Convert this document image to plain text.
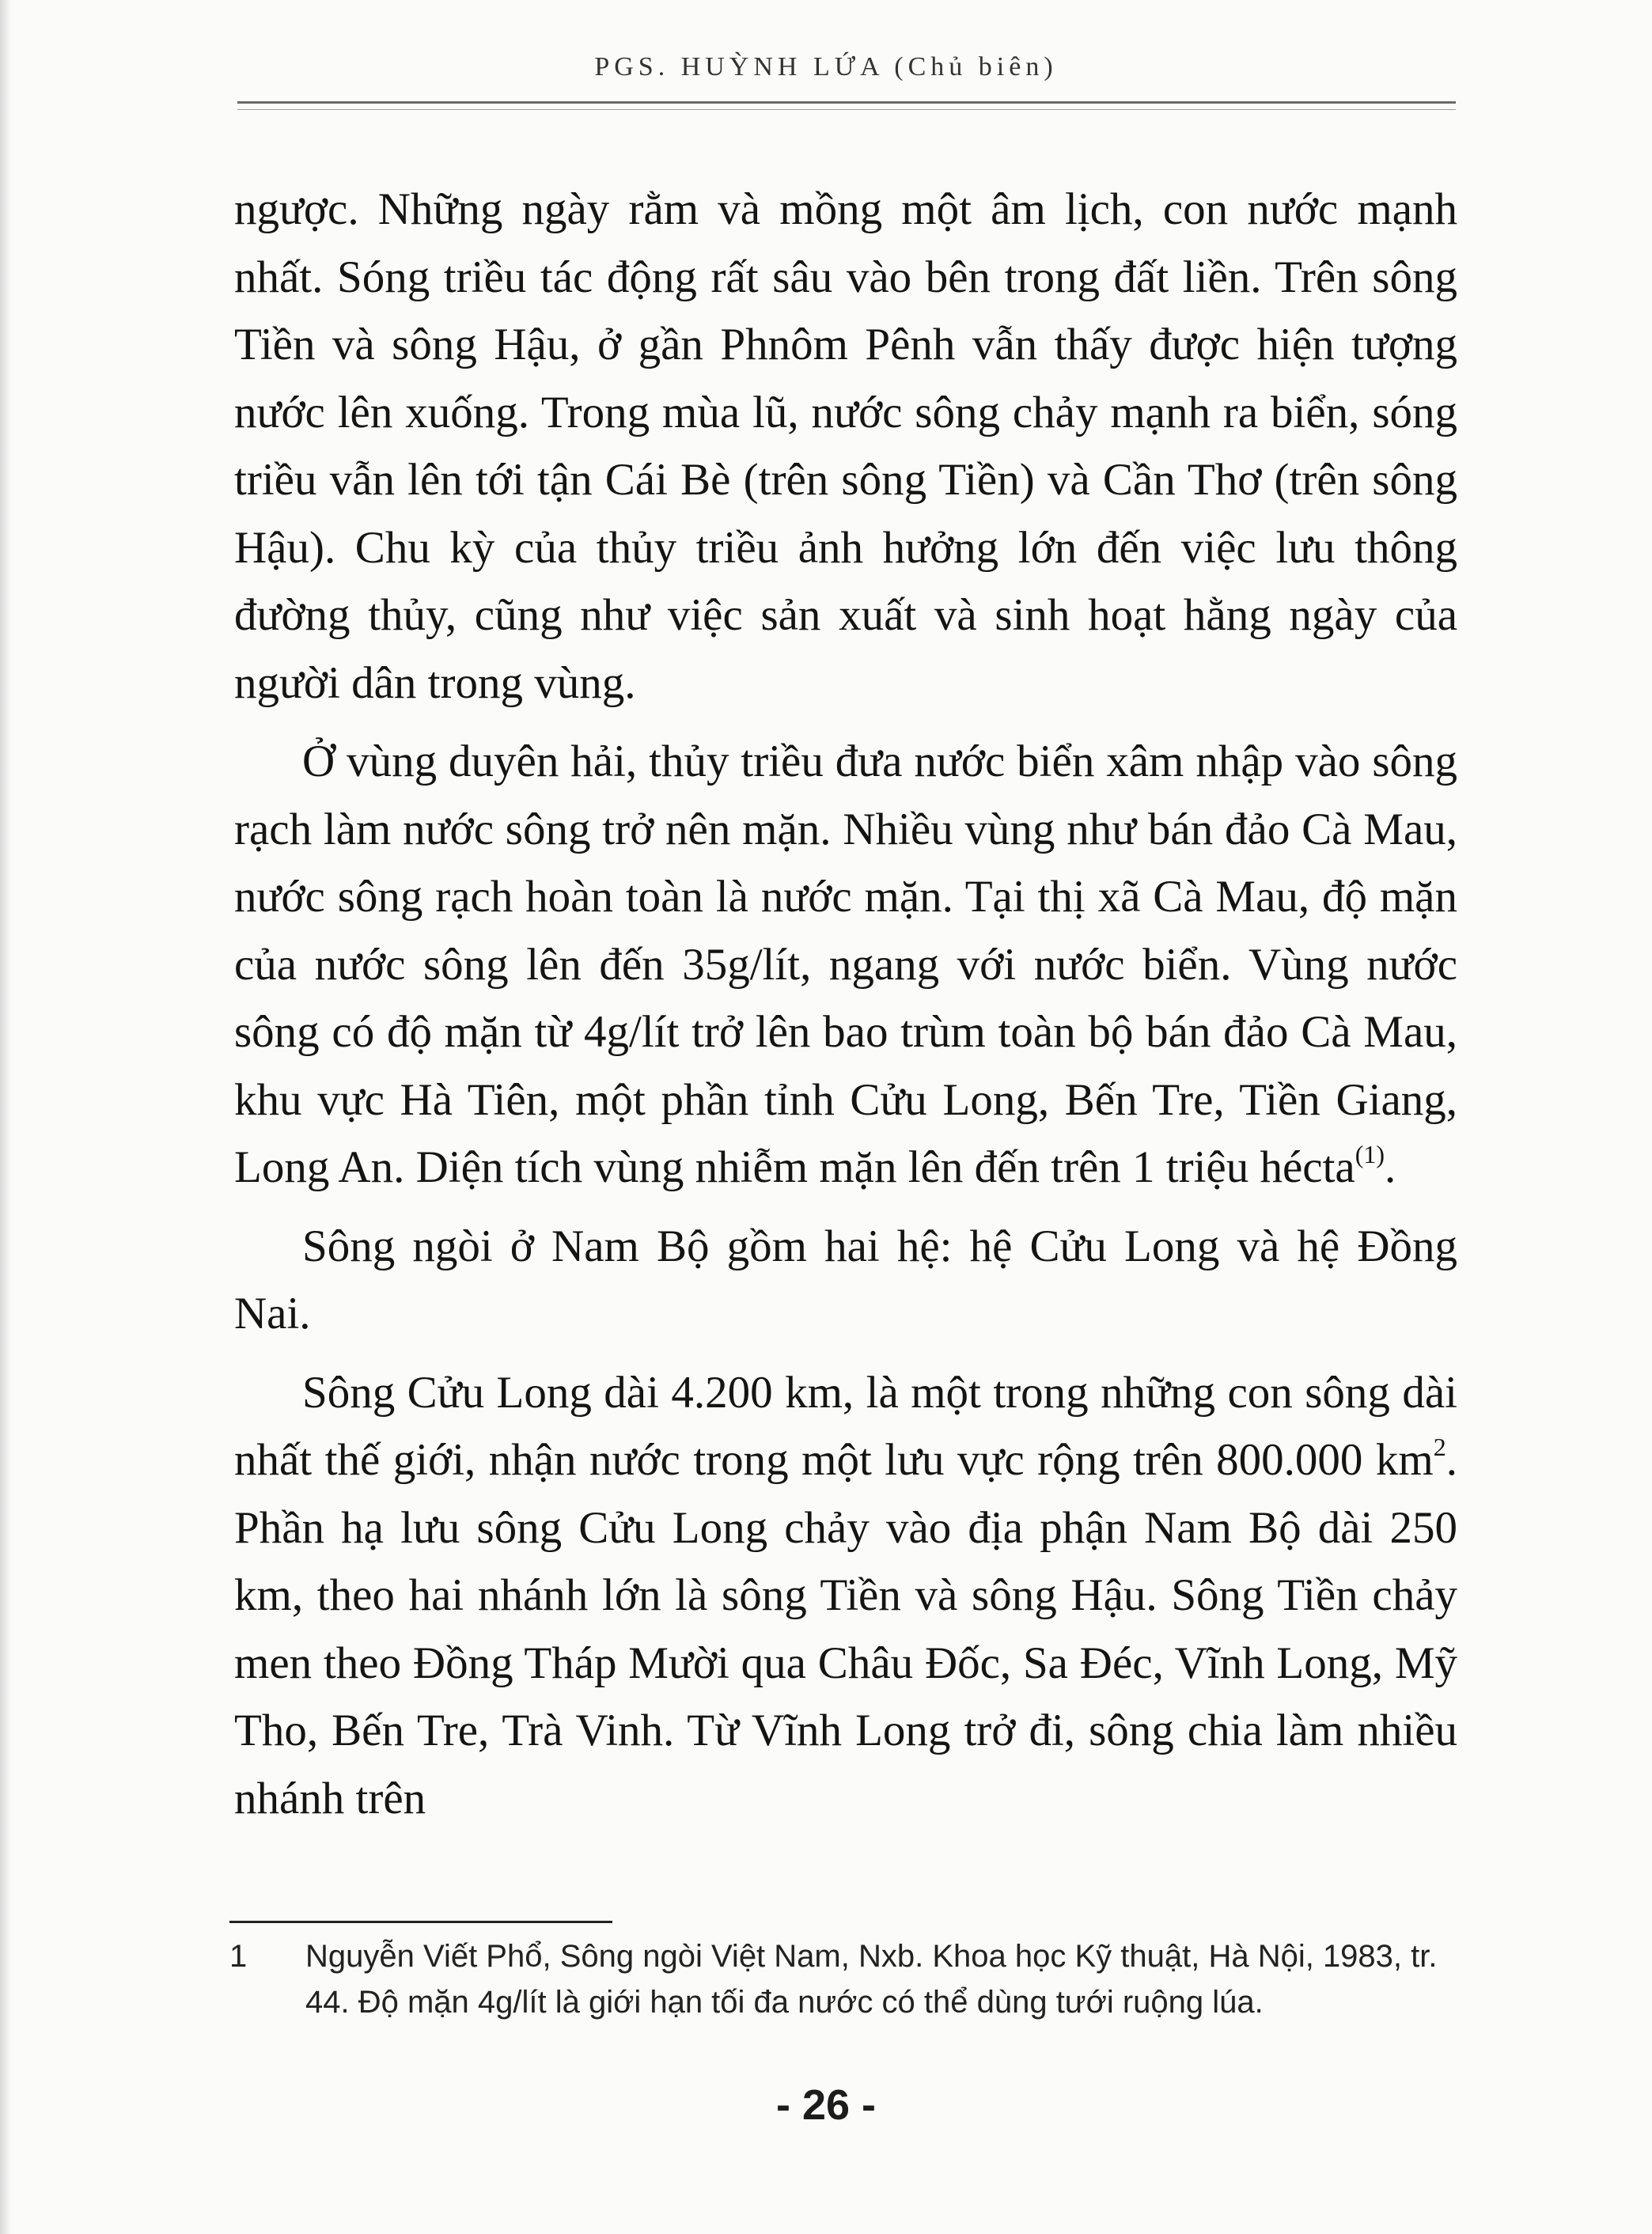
PGS. HUỲNH LỨA (Chủ biên)

ngược. Những ngày rằm và mồng một âm lịch, con nước mạnh nhất. Sóng triều tác động rất sâu vào bên trong đất liền. Trên sông Tiền và sông Hậu, ở gần Phnôm Pênh vẫn thấy được hiện tượng nước lên xuống. Trong mùa lũ, nước sông chảy mạnh ra biển, sóng triều vẫn lên tới tận Cái Bè (trên sông Tiền) và Cần Thơ (trên sông Hậu). Chu kỳ của thủy triều ảnh hưởng lớn đến việc lưu thông đường thủy, cũng như việc sản xuất và sinh hoạt hằng ngày của người dân trong vùng.

Ở vùng duyên hải, thủy triều đưa nước biển xâm nhập vào sông rạch làm nước sông trở nên mặn. Nhiều vùng như bán đảo Cà Mau, nước sông rạch hoàn toàn là nước mặn. Tại thị xã Cà Mau, độ mặn của nước sông lên đến 35g/lít, ngang với nước biển. Vùng nước sông có độ mặn từ 4g/lít trở lên bao trùm toàn bộ bán đảo Cà Mau, khu vực Hà Tiên, một phần tỉnh Cửu Long, Bến Tre, Tiền Giang, Long An. Diện tích vùng nhiễm mặn lên đến trên 1 triệu hécta$^{(1)}$.

Sông ngòi ở Nam Bộ gồm hai hệ: hệ Cửu Long và hệ Đồng Nai.

Sông Cửu Long dài 4.200 km, là một trong những con sông dài nhất thế giới, nhận nước trong một lưu vực rộng trên 800.000 $km^2$. Phần hạ lưu sông Cửu Long chảy vào địa phận Nam Bộ dài 250 km, theo hai nhánh lớn là sông Tiền và sông Hậu. Sông Tiền chảy men theo Đồng Tháp Mười qua Châu Đốc, Sa Đéc, Vĩnh Long, Mỹ Tho, Bến Tre, Trà Vinh. Từ Vĩnh Long trở đi, sông chia làm nhiều nhánh trên

1 Nguyễn Viết Phổ, Sông ngòi Việt Nam, Nxb. Khoa học Kỹ thuật, Hà Nội, 1983, tr. 44. Độ mặn 4g/lít là giới hạn tối đa nước có thể dùng tưới ruộng lúa.
- 26 -
